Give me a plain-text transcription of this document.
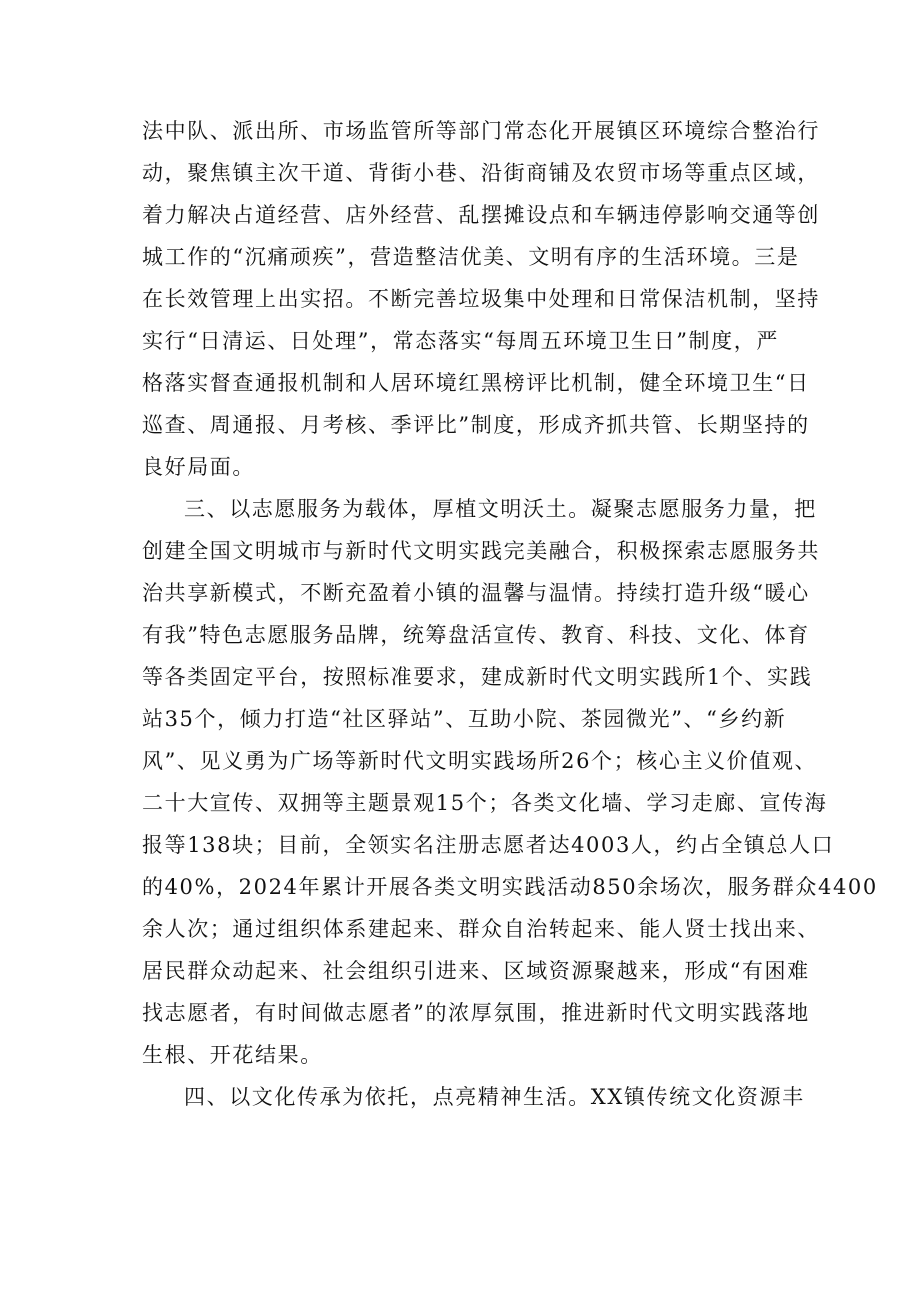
法中队、派出所、市场监管所等部门常态化开展镇区环境综合整治行
动，聚焦镇主次干道、背街小巷、沿街商铺及农贸市场等重点区域，
着力解决占道经营、店外经营、乱摆摊设点和车辆违停影响交通等创
城工作的“沉痛顽疾”，营造整洁优美、文明有序的生活环境。三是
在长效管理上出实招。不断完善垃圾集中处理和日常保洁机制，坚持
实行“日清运、日处理”，常态落实“每周五环境卫生日”制度，严
格落实督查通报机制和人居环境红黑榜评比机制，健全环境卫生“日
巡查、周通报、月考核、季评比”制度，形成齐抓共管、长期坚持的
良好局面。
三、以志愿服务为载体，厚植文明沃土。凝聚志愿服务力量，把
创建全国文明城市与新时代文明实践完美融合，积极探索志愿服务共
治共享新模式，不断充盈着小镇的温馨与温情。持续打造升级“暖心
有我”特色志愿服务品牌，统筹盘活宣传、教育、科技、文化、体育
等各类固定平台，按照标准要求，建成新时代文明实践所1个、实践
站35个，倾力打造“社区驿站”、互助小院、茶园微光”、“乡约新
风”、见义勇为广场等新时代文明实践场所26个；核心主义价值观、
二十大宣传、双拥等主题景观15个；各类文化墙、学习走廊、宣传海
报等138块；目前，全领实名注册志愿者达4003人，约占全镇总人口
的40%，2024年累计开展各类文明实践活动850余场次，服务群众4400
余人次；通过组织体系建起来、群众自治转起来、能人贤士找出来、
居民群众动起来、社会组织引进来、区域资源聚越来，形成“有困难
找志愿者，有时间做志愿者”的浓厚氛围，推进新时代文明实践落地
生根、开花结果。
四、以文化传承为依托，点亮精神生活。XX镇传统文化资源丰
